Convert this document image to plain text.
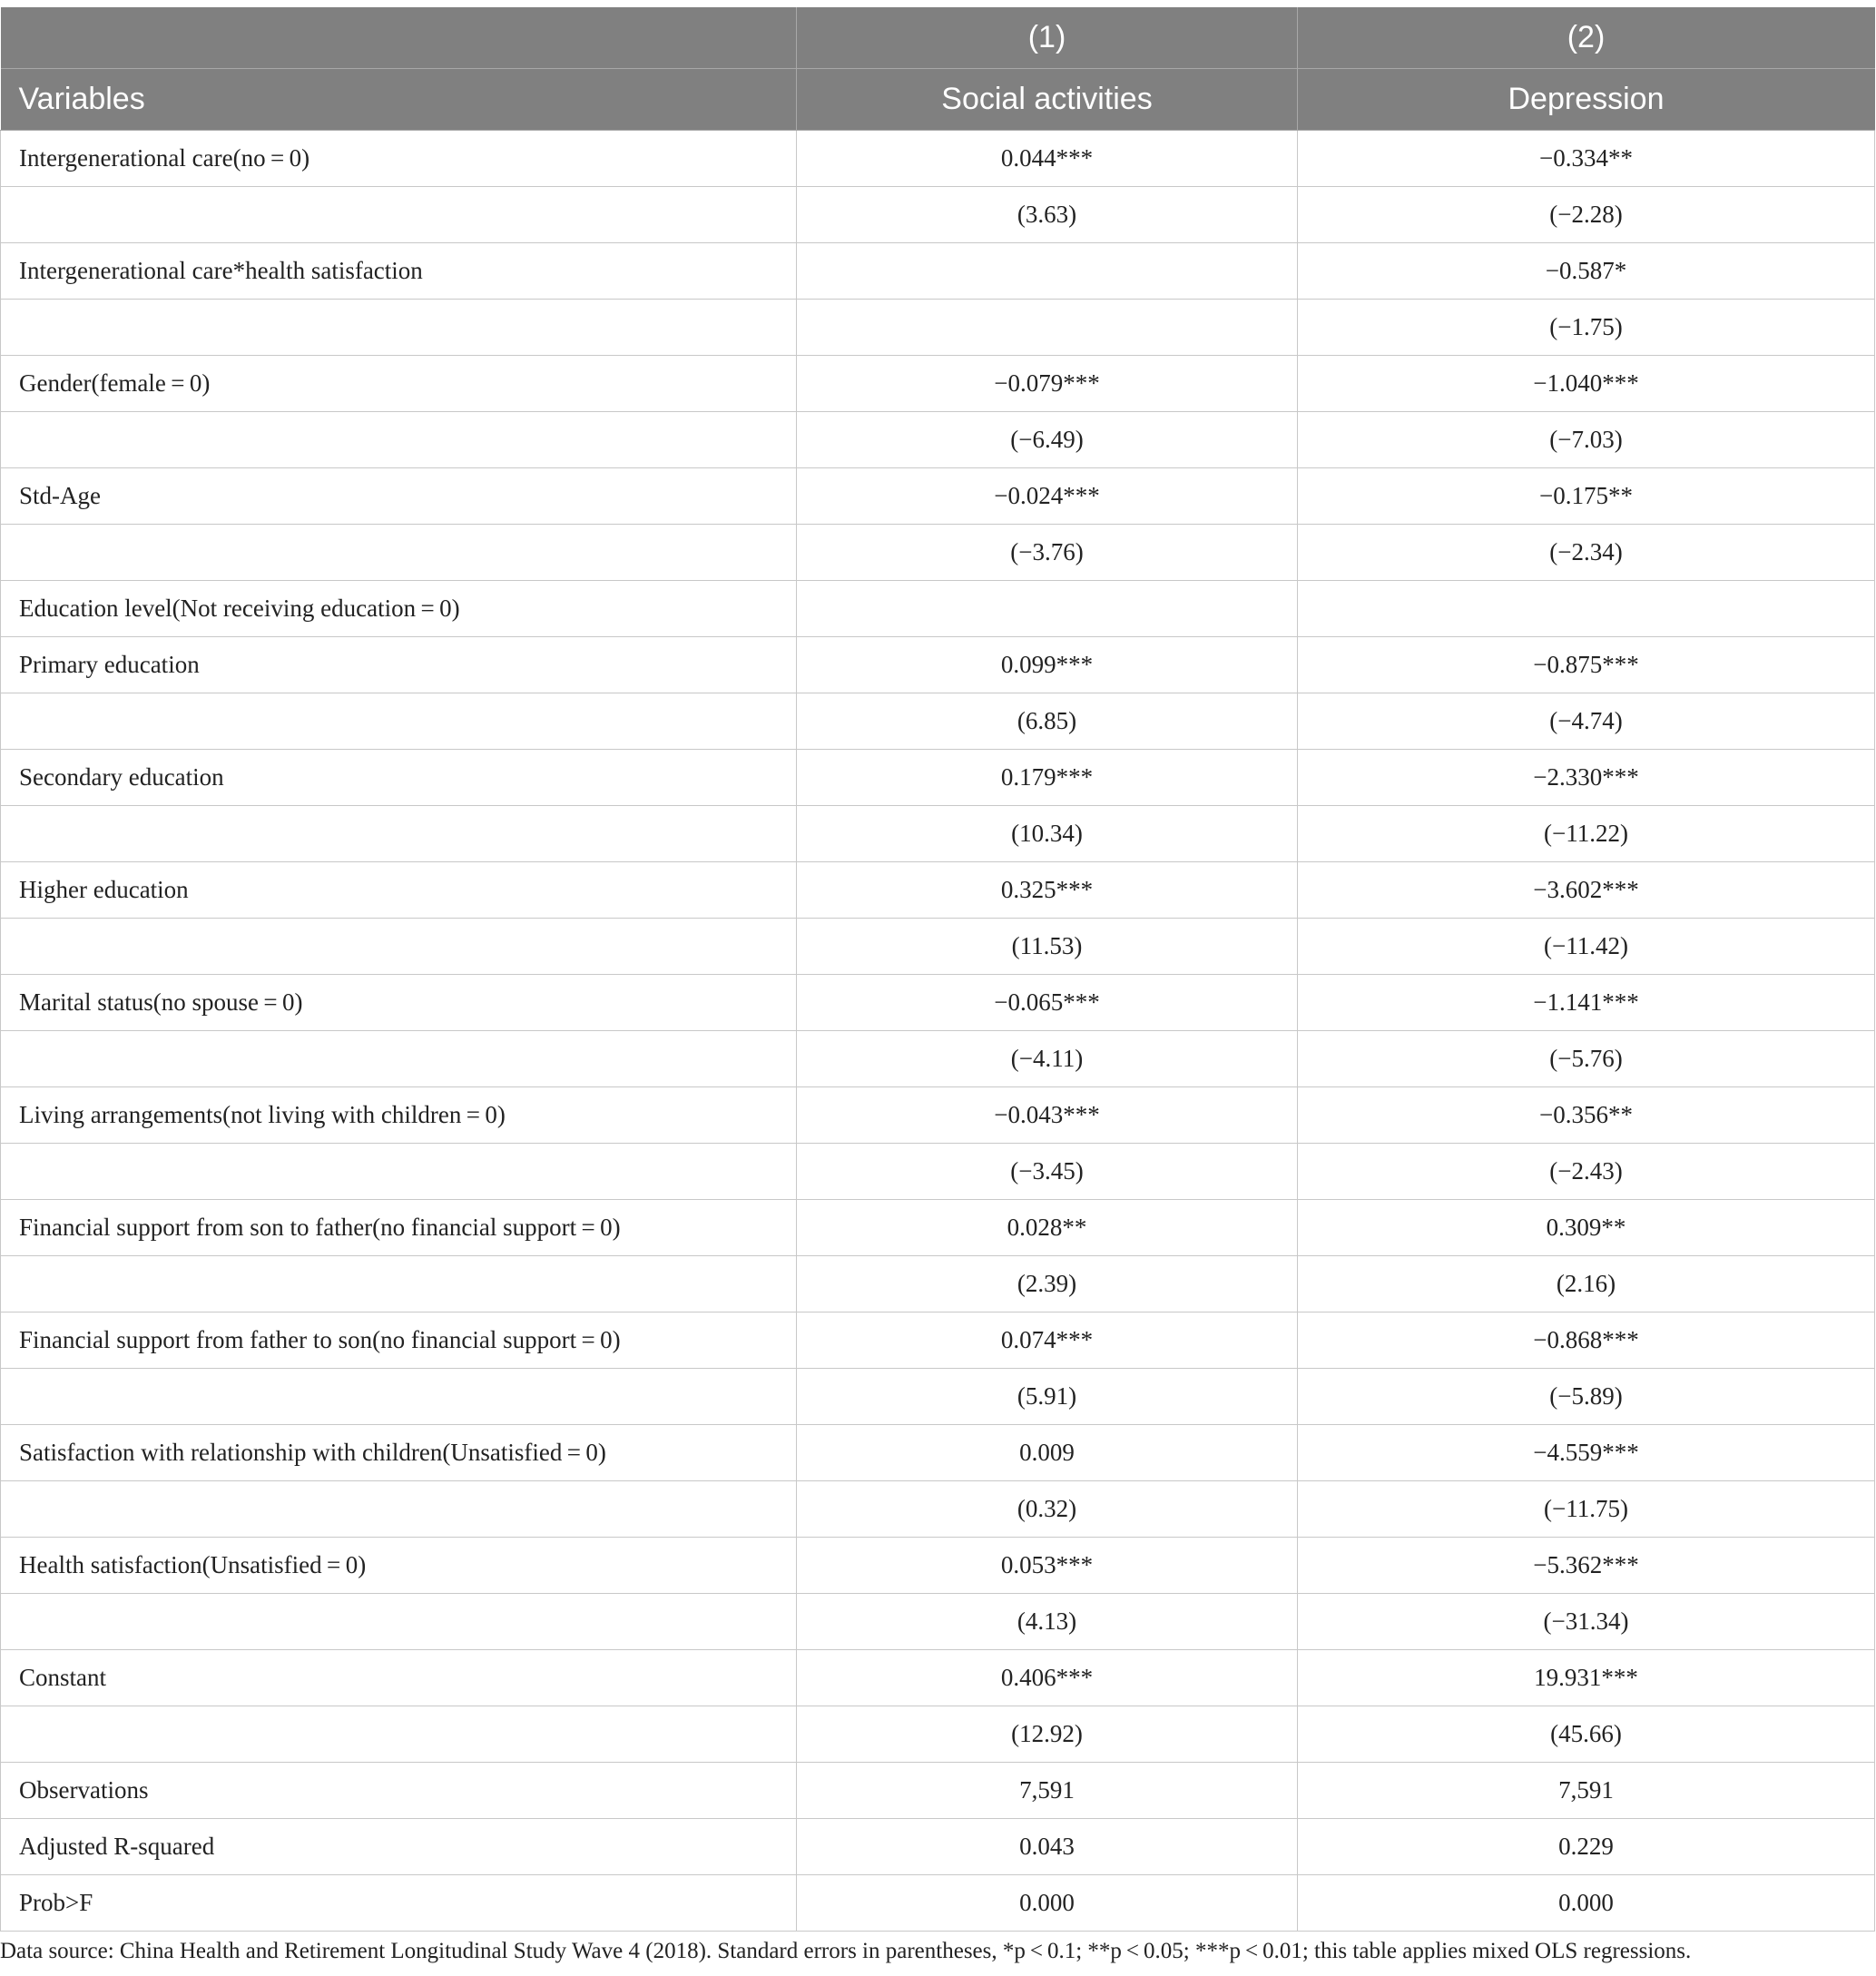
	(1)	(2)
Variables	Social activities	Depression
Intergenerational care(no = 0)	0.044***	−0.334**
	(3.63)	(−2.28)
Intergenerational care*health satisfaction		−0.587*
		(−1.75)
Gender(female = 0)	−0.079***	−1.040***
	(−6.49)	(−7.03)
Std-Age	−0.024***	−0.175**
	(−3.76)	(−2.34)
Education level(Not receiving education = 0)		
Primary education	0.099***	−0.875***
	(6.85)	(−4.74)
Secondary education	0.179***	−2.330***
	(10.34)	(−11.22)
Higher education	0.325***	−3.602***
	(11.53)	(−11.42)
Marital status(no spouse = 0)	−0.065***	−1.141***
	(−4.11)	(−5.76)
Living arrangements(not living with children = 0)	−0.043***	−0.356**
	(−3.45)	(−2.43)
Financial support from son to father(no financial support = 0)	0.028**	0.309**
	(2.39)	(2.16)
Financial support from father to son(no financial support = 0)	0.074***	−0.868***
	(5.91)	(−5.89)
Satisfaction with relationship with children(Unsatisfied = 0)	0.009	−4.559***
	(0.32)	(−11.75)
Health satisfaction(Unsatisfied = 0)	0.053***	−5.362***
	(4.13)	(−31.34)
Constant	0.406***	19.931***
	(12.92)	(45.66)
Observations	7,591	7,591
Adjusted R-squared	0.043	0.229
Prob>F	0.000	0.000
Data source: China Health and Retirement Longitudinal Study Wave 4 (2018). Standard errors in parentheses, *p < 0.1; **p < 0.05; ***p < 0.01; this table applies mixed OLS regressions.
